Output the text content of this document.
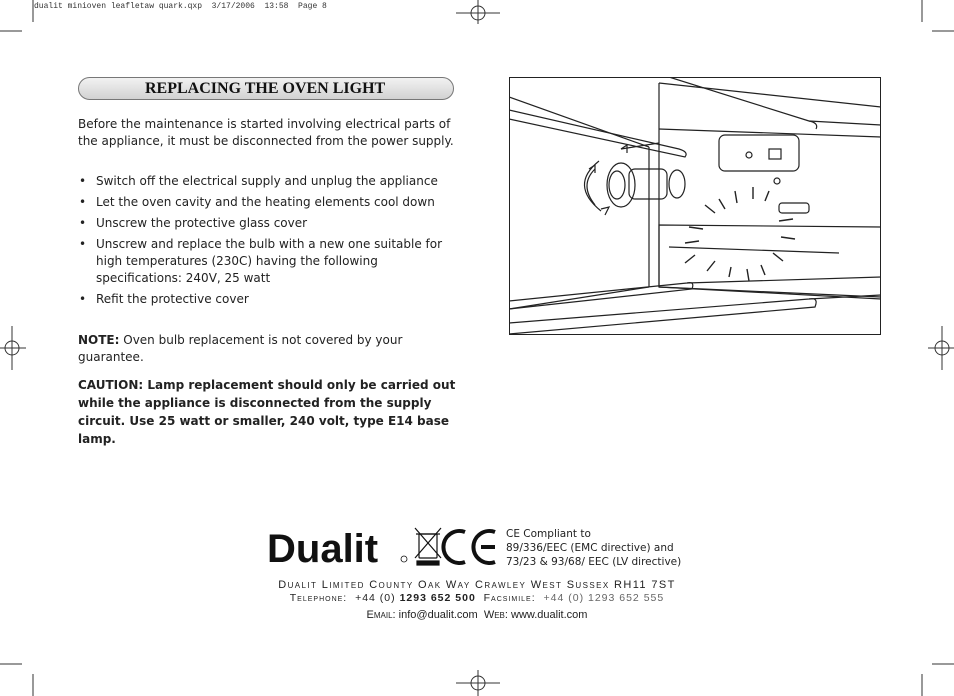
dualit minioven leafletaw quark.qxp  3/17/2006  13:58  Page 8
REPLACING THE OVEN LIGHT
Before the maintenance is started involving electrical parts of the appliance, it must be disconnected from the power supply.
• Switch off the electrical supply and unplug the appliance
• Let the oven cavity and the heating elements cool down
• Unscrew the protective glass cover
• Unscrew and replace the bulb with a new one suitable for high temperatures (230C) having the following specifications: 240V, 25 watt
• Refit the protective cover
NOTE: Oven bulb replacement is not covered by your guarantee.
CAUTION: Lamp replacement should only be carried out while the appliance is disconnected from the supply circuit. Use 25 watt or smaller, 240 volt, type E14 base lamp.
Dualit	CE Compliant to
89/336/EEC (EMC directive) and
73/23 & 93/68/ EEC (LV directive)
Dualit Limited County Oak Way Crawley West Sussex RH11 7ST
Telephone: +44 (0) 1293 652 500 Facsimile: +44 (0) 1293 652 555
Email: info@dualit.com Web: www.dualit.com
